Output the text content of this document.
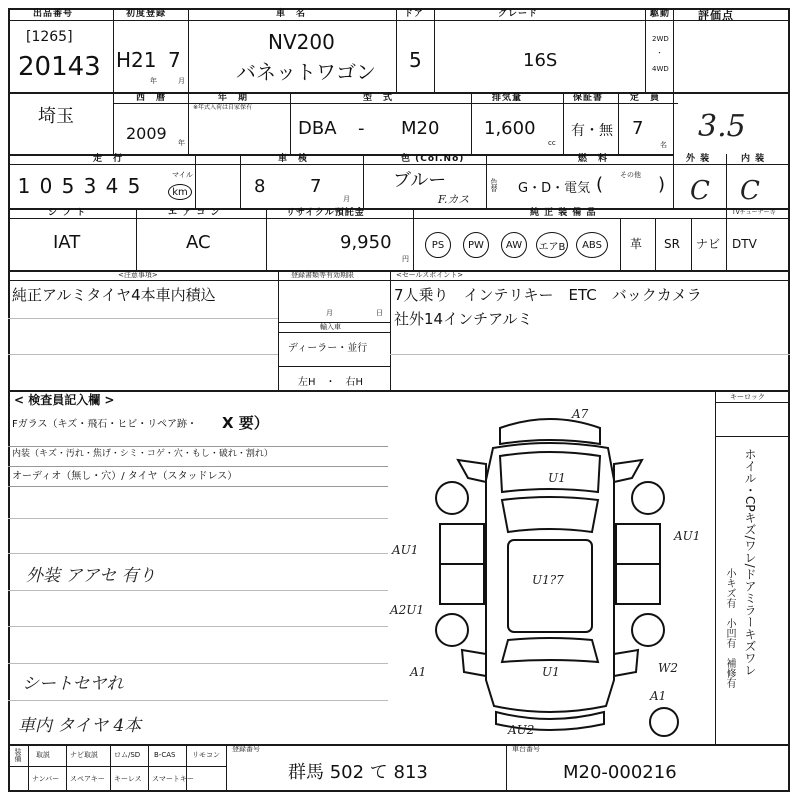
出品番号
[1265]
20143
初度登録
H21 7
年	月
車　名
NV200
バネットワゴン
ドア
5
グレード
16S
駆動
2WD
・
4WD
評価点
埼玉
西　暦
2009 年
年　期
※年式入荷は自家保有
型　式
DBA - M20
排気量
1,600
cc
保証書
有・無
定　員
7
名
3.5
走　行
1 0 5 3 4 5	マイル
km
車　検
8 7
月
色 (Col.No)
ブルー
F.カス
色替
燃　料
G・D・電気 ( その他 )
外 装	内 装
C C
シ フ ト
IAT
エ ア コ ン
AC
リサイクル預託金
9,950
円
純 正 装 備 品	TVチューナー等
PS PW AW エアB ABS 革 SR ナビ DTV
<注意事項>
純正アルミタイヤ4本車内積込
登録書類等有効期限
月	日
輸入車
ディーラー・並行
左H　・　右H
<セールスポイント>
7人乗り　インテリキー　ETC　バックカメラ
社外14インチアルミ
< 検査員記入欄 >
Fガラス（キズ・飛石・ヒビ・リペア跡・ X 要）
内装（キズ・汚れ・焦げ・シミ・コゲ・穴・もし・破れ・割れ）
オーディオ（無し・穴）/ タイヤ（スタッドレス）
外装 アアセ 有り
シートセヤれ
車内 タイヤ 4本
キーロック
ホイル・CPキズ/ワレ/ドアミラーキズワレ
小キズ有　小凹有　補修有
A7
U1
AU1
AU1
U1?7
A2U1
A1	U1	W2
A1
AU2
装備 取説	ナビ取説 ロム/SD B-CAS リモコン
ナンバー スペアキー キーレス スマートキー
登録番号
群馬 502 て 813
車台番号
M20-000216
